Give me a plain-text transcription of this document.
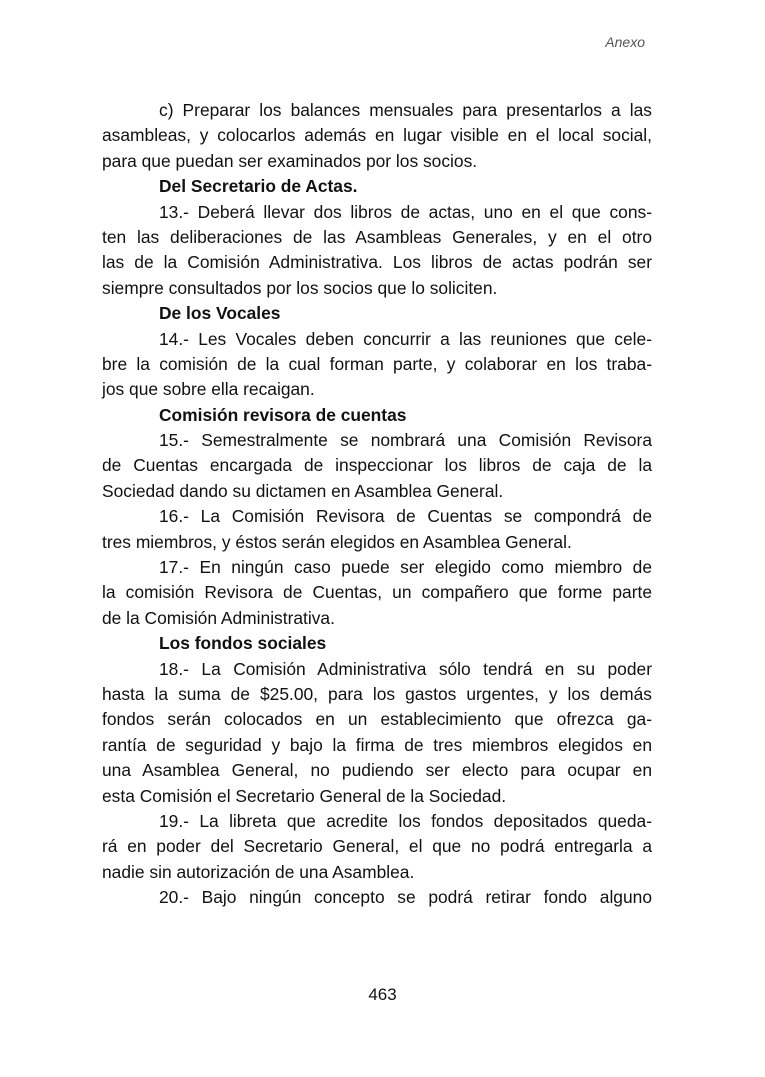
Anexo
c) Preparar los balances mensuales para presentarlos a las
asambleas, y colocarlos además en lugar visible en el local social,
para que puedan ser examinados por los socios.
Del Secretario de Actas.
13.- Deberá llevar dos libros de actas, uno en el que cons-
ten las deliberaciones de las Asambleas Generales, y en el otro
las de la Comisión Administrativa. Los libros de actas podrán ser
siempre consultados por los socios que lo soliciten.
De los Vocales
14.- Les Vocales deben concurrir a las reuniones que cele-
bre la comisión de la cual forman parte, y colaborar en los traba-
jos que sobre ella recaigan.
Comisión revisora de cuentas
15.- Semestralmente se nombrará una Comisión Revisora
de Cuentas encargada de inspeccionar los libros de caja de la
Sociedad dando su dictamen en Asamblea General.
16.- La Comisión Revisora de Cuentas se compondrá de
tres miembros, y éstos serán elegidos en Asamblea General.
17.- En ningún caso puede ser elegido como miembro de
la comisión Revisora de Cuentas, un compañero que forme parte
de la Comisión Administrativa.
Los fondos sociales
18.- La Comisión Administrativa sólo tendrá en su poder
hasta la suma de $25.00, para los gastos urgentes, y los demás
fondos serán colocados en un establecimiento que ofrezca ga-
rantía de seguridad y bajo la firma de tres miembros elegidos en
una Asamblea General, no pudiendo ser electo para ocupar en
esta Comisión el Secretario General de la Sociedad.
19.- La libreta que acredite los fondos depositados queda-
rá en poder del Secretario General, el que no podrá entregarla a
nadie sin autorización de una Asamblea.
20.- Bajo ningún concepto se podrá retirar fondo alguno
463
